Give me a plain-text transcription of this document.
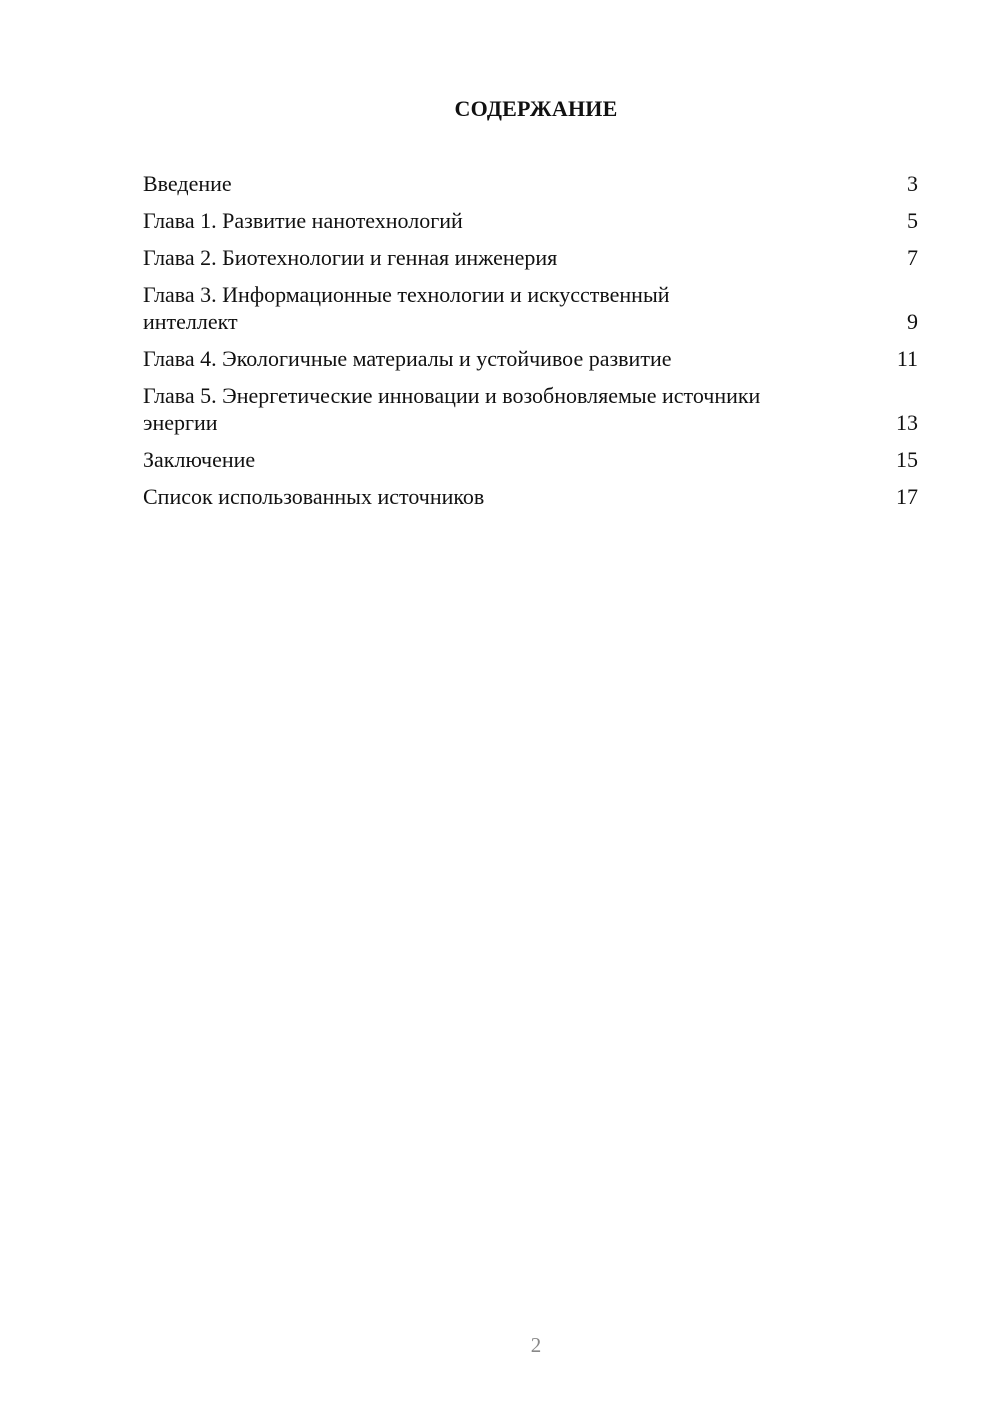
СОДЕРЖАНИЕ
Введение	3
Глава 1. Развитие нанотехнологий	5
Глава 2. Биотехнологии и генная инженерия	7
Глава 3. Информационные технологии и искусственный интеллект	9
Глава 4. Экологичные материалы и устойчивое развитие	11
Глава 5. Энергетические инновации и возобновляемые источники энергии	13
Заключение	15
Список использованных источников	17
2
